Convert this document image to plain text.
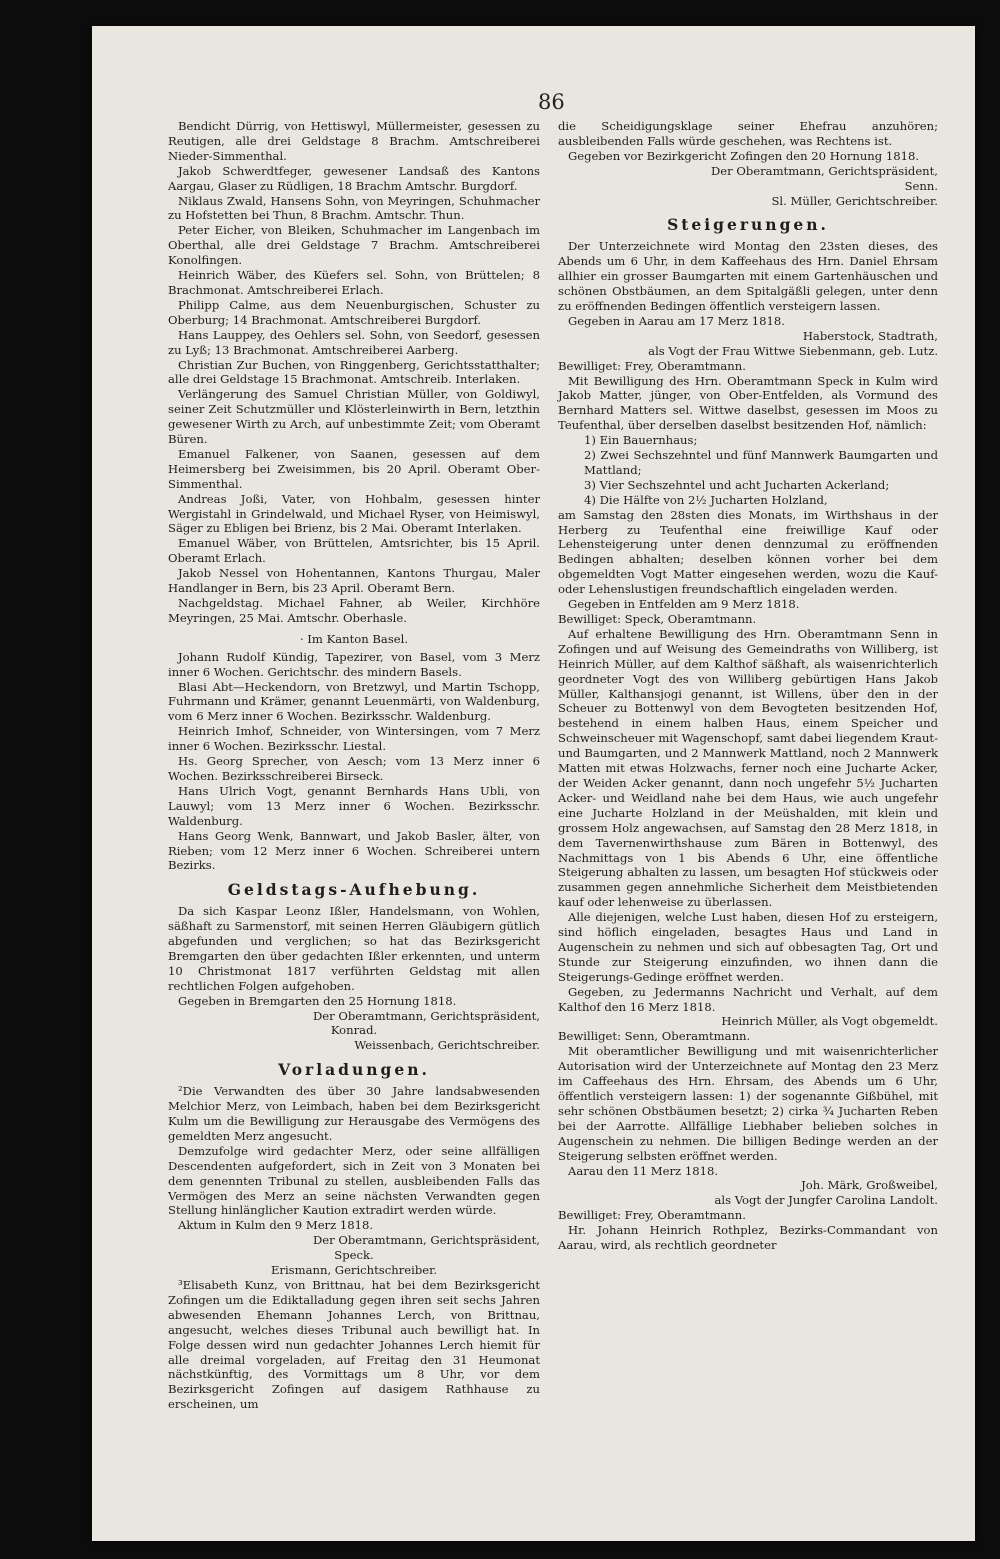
86

Bendicht Dürrig, von Hettiswyl, Müllermeister, gesessen zu Reutigen, alle drei Geldstage 8 Brachm. Amtschreiberei Nieder-Simmenthal.

Jakob Schwerdtfeger, gewesener Landsaß des Kantons Aargau, Glaser zu Rüdligen, 18 Brachm Amtschr. Burgdorf.

Niklaus Zwald, Hansens Sohn, von Meyringen, Schuhmacher zu Hofstetten bei Thun, 8 Brachm. Amtschr. Thun.

Peter Eicher, von Bleiken, Schuhmacher im Langenbach im Oberthal, alle drei Geldstage 7 Brachm. Amtschreiberei Konolfingen.

Heinrich Wäber, des Küefers sel. Sohn, von Brüttelen; 8 Brachmonat. Amtschreiberei Erlach.

Philipp Calme, aus dem Neuenburgischen, Schuster zu Oberburg; 14 Brachmonat. Amtschreiberei Burgdorf.

Hans Lauppey, des Oehlers sel. Sohn, von Seedorf, gesessen zu Lyß; 13 Brachmonat. Amtschreiberei Aarberg.

Christian Zur Buchen, von Ringgenberg, Gerichtsstatthalter; alle drei Geldstage 15 Brachmonat. Amtschreib. Interlaken.

Verlängerung des Samuel Christian Müller, von Goldiwyl, seiner Zeit Schutzmüller und Klösterleinwirth in Bern, letzthin gewesener Wirth zu Arch, auf unbestimmte Zeit; vom Oberamt Büren.

Emanuel Falkener, von Saanen, gesessen auf dem Heimersberg bei Zweisimmen, bis 20 April. Oberamt Ober-Simmenthal.

Andreas Joßi, Vater, von Hohbalm, gesessen hinter Wergistahl in Grindelwald, und Michael Ryser, von Heimiswyl, Säger zu Ebligen bei Brienz, bis 2 Mai. Oberamt Interlaken.

Emanuel Wäber, von Brüttelen, Amtsrichter, bis 15 April. Oberamt Erlach.

Jakob Nessel von Hohentannen, Kantons Thurgau, Maler Handlanger in Bern, bis 23 April. Oberamt Bern.

Nachgeldstag. Michael Fahner, ab Weiler, Kirchhöre Meyringen, 25 Mai. Amtschr. Oberhasle.

· Im Kanton Basel.

Johann Rudolf Kündig, Tapezirer, von Basel, vom 3 Merz inner 6 Wochen. Gerichtschr. des mindern Basels.

Blasi Abt—Heckendorn, von Bretzwyl, und Martin Tschopp, Fuhrmann und Krämer, genannt Leuenmärti, von Waldenburg, vom 6 Merz inner 6 Wochen. Bezirksschr. Waldenburg.

Heinrich Imhof, Schneider, von Wintersingen, vom 7 Merz inner 6 Wochen. Bezirksschr. Liestal.

Hs. Georg Sprecher, von Aesch; vom 13 Merz inner 6 Wochen. Bezirksschreiberei Birseck.

Hans Ulrich Vogt, genannt Bernhards Hans Ubli, von Lauwyl; vom 13 Merz inner 6 Wochen. Bezirksschr. Waldenburg.

Hans Georg Wenk, Bannwart, und Jakob Basler, älter, von Rieben; vom 12 Merz inner 6 Wochen. Schreiberei untern Bezirks.

Geldstags-Aufhebung.

Da sich Kaspar Leonz Ißler, Handelsmann, von Wohlen, säßhaft zu Sarmenstorf, mit seinen Herren Gläubigern gütlich abgefunden und verglichen; so hat das Bezirksgericht Bremgarten den über gedachten Ißler erkennten, und unterm 10 Christmonat 1817 verführten Geldstag mit allen rechtlichen Folgen aufgehoben.

Gegeben in Bremgarten den 25 Hornung 1818.

Der Oberamtmann, Gerichtspräsident,

Konrad.

Weissenbach, Gerichtschreiber.

Vorladungen.

²Die Verwandten des über 30 Jahre landsabwesenden Melchior Merz, von Leimbach, haben bei dem Bezirksgericht Kulm um die Bewilligung zur Herausgabe des Vermögens des gemeldten Merz angesucht.

Demzufolge wird gedachter Merz, oder seine allfälligen Descendenten aufgefordert, sich in Zeit von 3 Monaten bei dem genennten Tribunal zu stellen, ausbleibenden Falls das Vermögen des Merz an seine nächsten Verwandten gegen Stellung hinlänglicher Kaution extradirt werden würde.

Aktum in Kulm den 9 Merz 1818.

Der Oberamtmann, Gerichtspräsident,

Speck.

Erismann, Gerichtschreiber.

³Elisabeth Kunz, von Brittnau, hat bei dem Bezirksgericht Zofingen um die Ediktalladung gegen ihren seit sechs Jahren abwesenden Ehemann Johannes Lerch, von Brittnau, angesucht, welches dieses Tribunal auch bewilligt hat. In Folge dessen wird nun gedachter Johannes Lerch hiemit für alle dreimal vorgeladen, auf Freitag den 31 Heumonat nächstkünftig, des Vormittags um 8 Uhr, vor dem Bezirksgericht Zofingen auf dasigem Rathhause zu erscheinen, um

die Scheidigungsklage seiner Ehefrau anzuhören; ausbleibenden Falls würde geschehen, was Rechtens ist.

Gegeben vor Bezirkgericht Zofingen den 20 Hornung 1818.

Der Oberamtmann, Gerichtspräsident,

Senn.

Sl. Müller, Gerichtschreiber.

Steigerungen.

Der Unterzeichnete wird Montag den 23sten dieses, des Abends um 6 Uhr, in dem Kaffeehaus des Hrn. Daniel Ehrsam allhier ein grosser Baumgarten mit einem Gartenhäuschen und schönen Obstbäumen, an dem Spitalgäßli gelegen, unter denn zu eröffnenden Bedingen öffentlich versteigern lassen.

Gegeben in Aarau am 17 Merz 1818.

Haberstock, Stadtrath,

als Vogt der Frau Wittwe Siebenmann, geb. Lutz.

Bewilliget: Frey, Oberamtmann.

Mit Bewilligung des Hrn. Oberamtmann Speck in Kulm wird Jakob Matter, jünger, von Ober-Entfelden, als Vormund des Bernhard Matters sel. Wittwe daselbst, gesessen im Moos zu Teufenthal, über derselben daselbst besitzenden Hof, nämlich:

1) Ein Bauernhaus;

2) Zwei Sechszehntel und fünf Mannwerk Baumgarten und Mattland;

3) Vier Sechszehntel und acht Jucharten Ackerland;

4) Die Hälfte von 2½ Jucharten Holzland,

am Samstag den 28sten dies Monats, im Wirthshaus in der Herberg zu Teufenthal eine freiwillige Kauf oder Lehensteigerung unter denen dennzumal zu eröffnenden Bedingen abhalten; deselben können vorher bei dem obgemeldten Vogt Matter eingesehen werden, wozu die Kauf- oder Lehenslustigen freundschaftlich eingeladen werden.

Gegeben in Entfelden am 9 Merz 1818.

Bewilliget: Speck, Oberamtmann.

Auf erhaltene Bewilligung des Hrn. Oberamtmann Senn in Zofingen und auf Weisung des Gemeindraths von Williberg, ist Heinrich Müller, auf dem Kalthof säßhaft, als waisenrichterlich geordneter Vogt des von Williberg gebürtigen Hans Jakob Müller, Kalthansjogi genannt, ist Willens, über den in der Scheuer zu Bottenwyl von dem Bevogteten besitzenden Hof, bestehend in einem halben Haus, einem Speicher und Schweinscheuer mit Wagenschopf, samt dabei liegendem Kraut- und Baumgarten, und 2 Mannwerk Mattland, noch 2 Mannwerk Matten mit etwas Holzwachs, ferner noch eine Jucharte Acker, der Weiden Acker genannt, dann noch ungefehr 5½ Jucharten Acker- und Weidland nahe bei dem Haus, wie auch ungefehr eine Jucharte Holzland in der Meüshalden, mit klein und grossem Holz angewachsen, auf Samstag den 28 Merz 1818, in dem Tavernenwirthshause zum Bären in Bottenwyl, des Nachmittags von 1 bis Abends 6 Uhr, eine öffentliche Steigerung abhalten zu lassen, um besagten Hof stückweis oder zusammen gegen annehmliche Sicherheit dem Meistbietenden kauf oder lehenweise zu überlassen.

Alle diejenigen, welche Lust haben, diesen Hof zu ersteigern, sind höflich eingeladen, besagtes Haus und Land in Augenschein zu nehmen und sich auf obbesagten Tag, Ort und Stunde zur Steigerung einzufinden, wo ihnen dann die Steigerungs-Gedinge eröffnet werden.

Gegeben, zu Jedermanns Nachricht und Verhalt, auf dem Kalthof den 16 Merz 1818.

Heinrich Müller, als Vogt obgemeldt.

Bewilliget: Senn, Oberamtmann.

Mit oberamtlicher Bewilligung und mit waisenrichterlicher Autorisation wird der Unterzeichnete auf Montag den 23 Merz im Caffeehaus des Hrn. Ehrsam, des Abends um 6 Uhr, öffentlich versteigern lassen: 1) der sogenannte Gißbühel, mit sehr schönen Obstbäumen besetzt; 2) cirka ¾ Jucharten Reben bei der Aarrotte. Allfällige Liebhaber belieben solches in Augenschein zu nehmen. Die billigen Bedinge werden an der Steigerung selbsten eröffnet werden.

Aarau den 11 Merz 1818.

Joh. Märk, Großweibel,

als Vogt der Jungfer Carolina Landolt.

Bewilliget: Frey, Oberamtmann.

Hr. Johann Heinrich Rothplez, Bezirks-Commandant von Aarau, wird, als rechtlich geordneter
